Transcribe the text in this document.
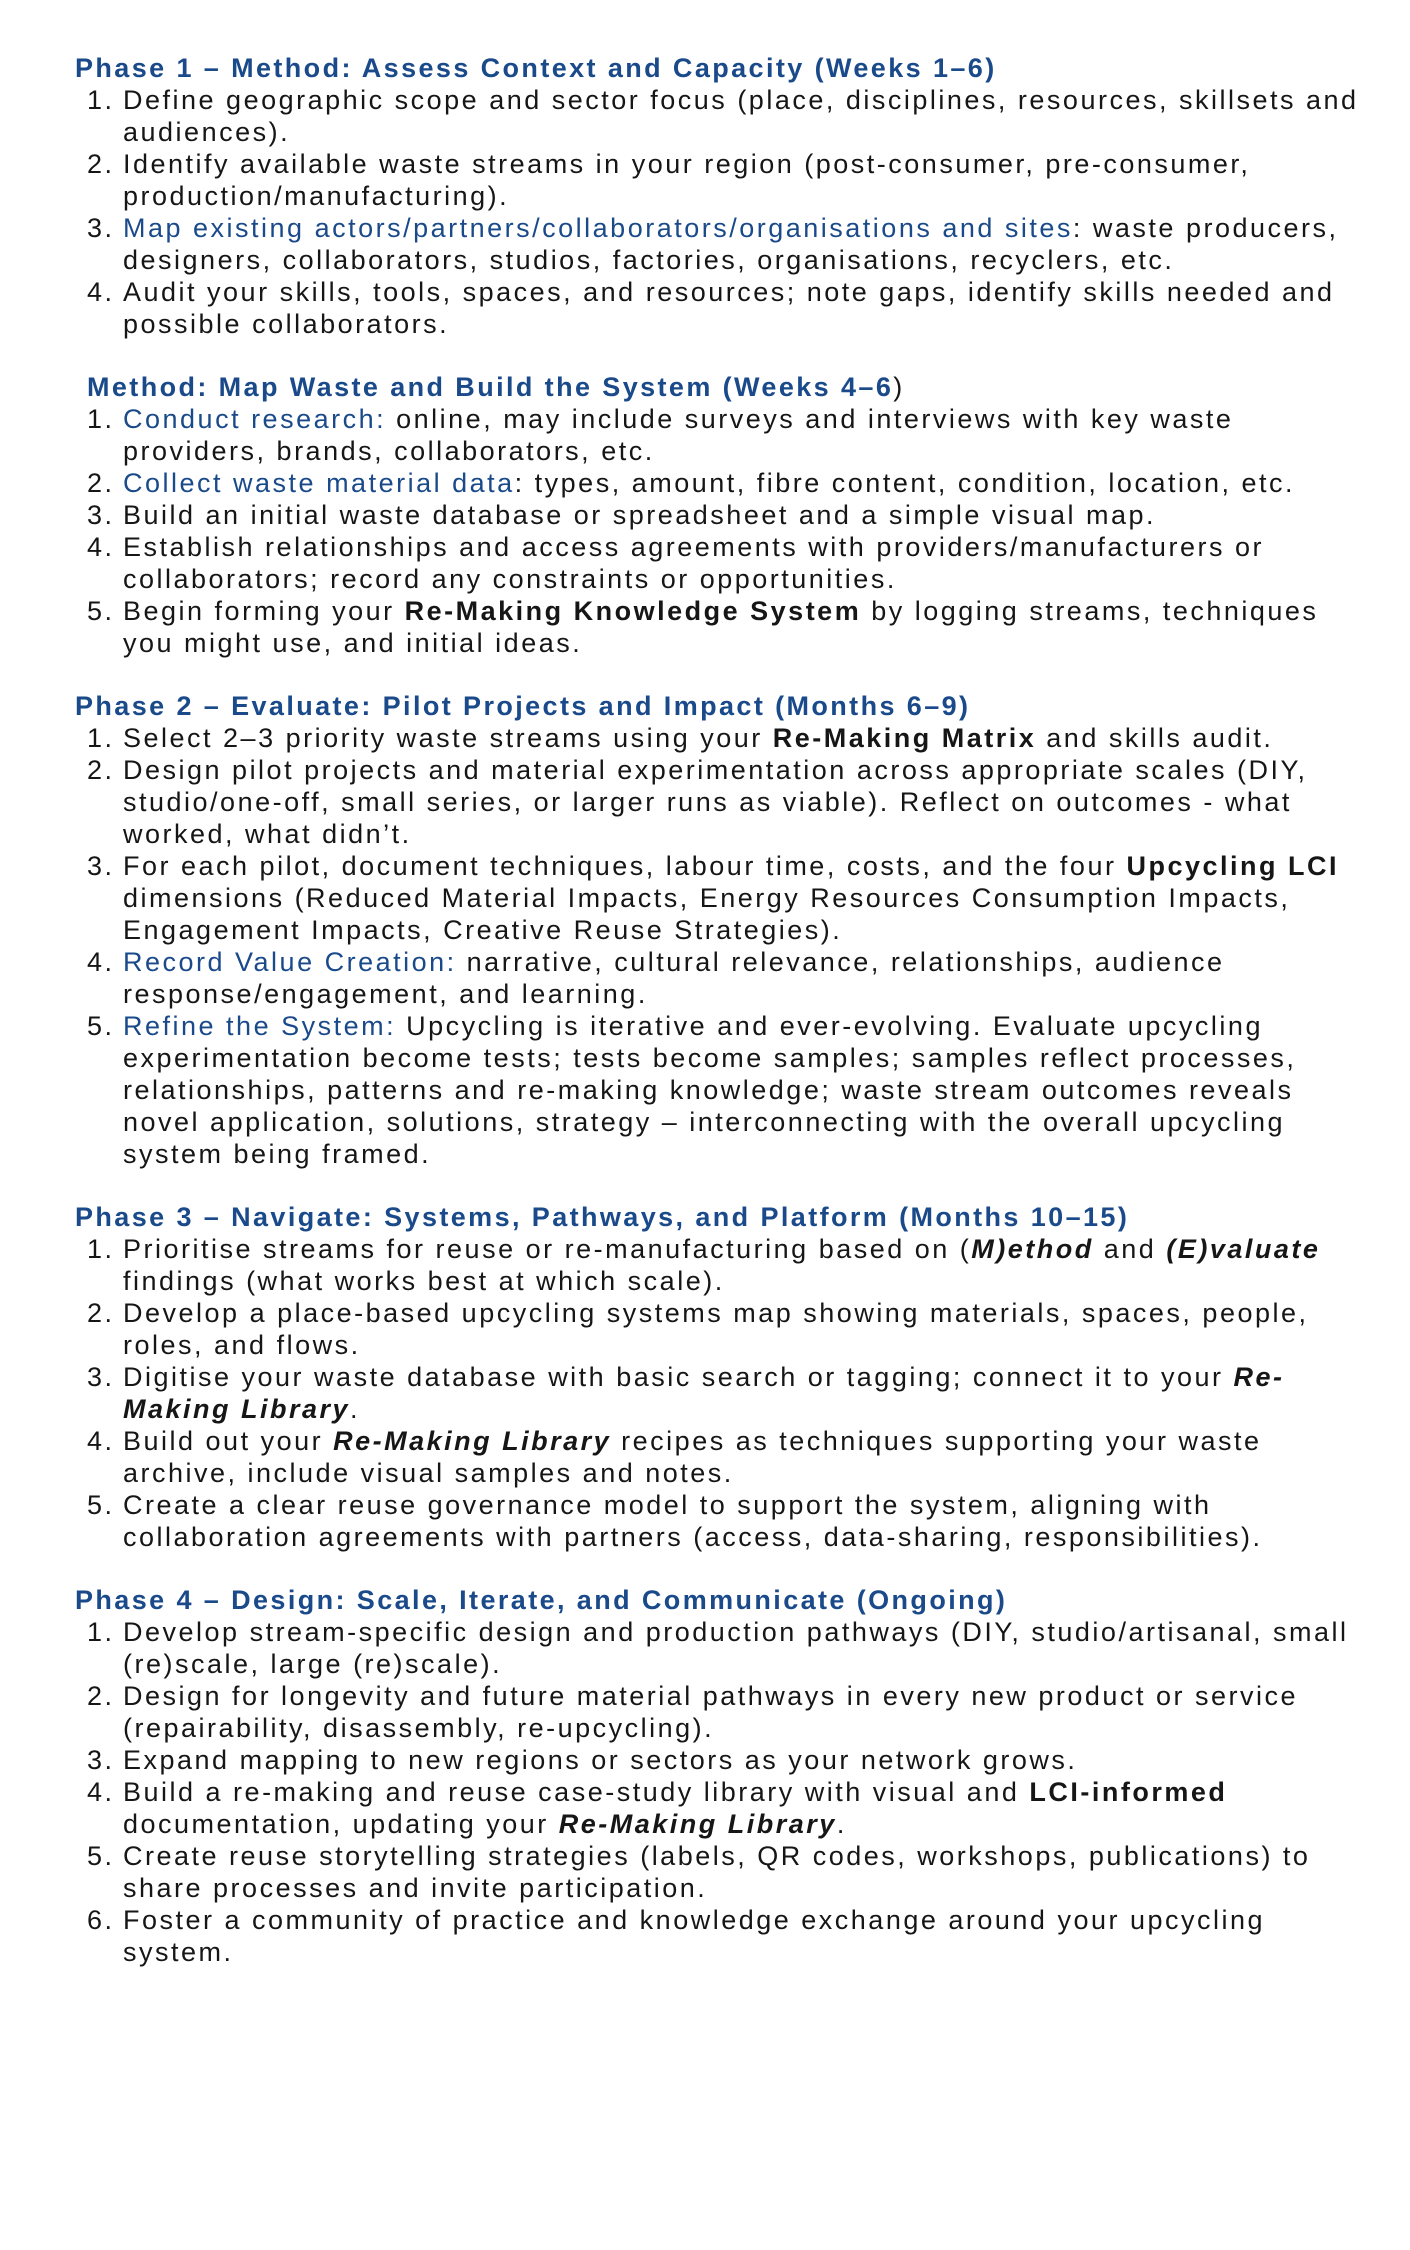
Phase 1 – Method: Assess Context and Capacity (Weeks 1–6)
1. Define geographic scope and sector focus (place, disciplines, resources, skillsets and audiences).
2. Identify available waste streams in your region (post-consumer, pre-consumer, production/manufacturing).
3. Map existing actors/partners/collaborators/organisations and sites: waste producers, designers, collaborators, studios, factories, organisations, recyclers, etc.
4. Audit your skills, tools, spaces, and resources; note gaps, identify skills needed and possible collaborators.
Method: Map Waste and Build the System (Weeks 4–6)
1. Conduct research: online, may include surveys and interviews with key waste providers, brands, collaborators, etc.
2. Collect waste material data: types, amount, fibre content, condition, location, etc.
3. Build an initial waste database or spreadsheet and a simple visual map.
4. Establish relationships and access agreements with providers/manufacturers or collaborators; record any constraints or opportunities.
5. Begin forming your Re-Making Knowledge System by logging streams, techniques you might use, and initial ideas.
Phase 2 – Evaluate: Pilot Projects and Impact (Months 6–9)
1. Select 2–3 priority waste streams using your Re-Making Matrix and skills audit.
2. Design pilot projects and material experimentation across appropriate scales (DIY, studio/one-off, small series, or larger runs as viable). Reflect on outcomes - what worked, what didn’t.
3. For each pilot, document techniques, labour time, costs, and the four Upcycling LCI dimensions (Reduced Material Impacts, Energy Resources Consumption Impacts, Engagement Impacts, Creative Reuse Strategies).
4. Record Value Creation: narrative, cultural relevance, relationships, audience response/engagement, and learning.
5. Refine the System: Upcycling is iterative and ever-evolving. Evaluate upcycling experimentation become tests; tests become samples; samples reflect processes, relationships, patterns and re-making knowledge; waste stream outcomes reveals novel application, solutions, strategy – interconnecting with the overall upcycling system being framed.
Phase 3 – Navigate: Systems, Pathways, and Platform (Months 10–15)
1. Prioritise streams for reuse or re-manufacturing based on (M)ethod and (E)valuate findings (what works best at which scale).
2. Develop a place-based upcycling systems map showing materials, spaces, people, roles, and flows.
3. Digitise your waste database with basic search or tagging; connect it to your Re-Making Library.
4. Build out your Re-Making Library recipes as techniques supporting your waste archive, include visual samples and notes.
5. Create a clear reuse governance model to support the system, aligning with collaboration agreements with partners (access, data-sharing, responsibilities).
Phase 4 – Design: Scale, Iterate, and Communicate (Ongoing)
1. Develop stream-specific design and production pathways (DIY, studio/artisanal, small (re)scale, large (re)scale).
2. Design for longevity and future material pathways in every new product or service (repairability, disassembly, re-upcycling).
3. Expand mapping to new regions or sectors as your network grows.
4. Build a re-making and reuse case-study library with visual and LCI-informed documentation, updating your Re-Making Library.
5. Create reuse storytelling strategies (labels, QR codes, workshops, publications) to share processes and invite participation.
6. Foster a community of practice and knowledge exchange around your upcycling system.
